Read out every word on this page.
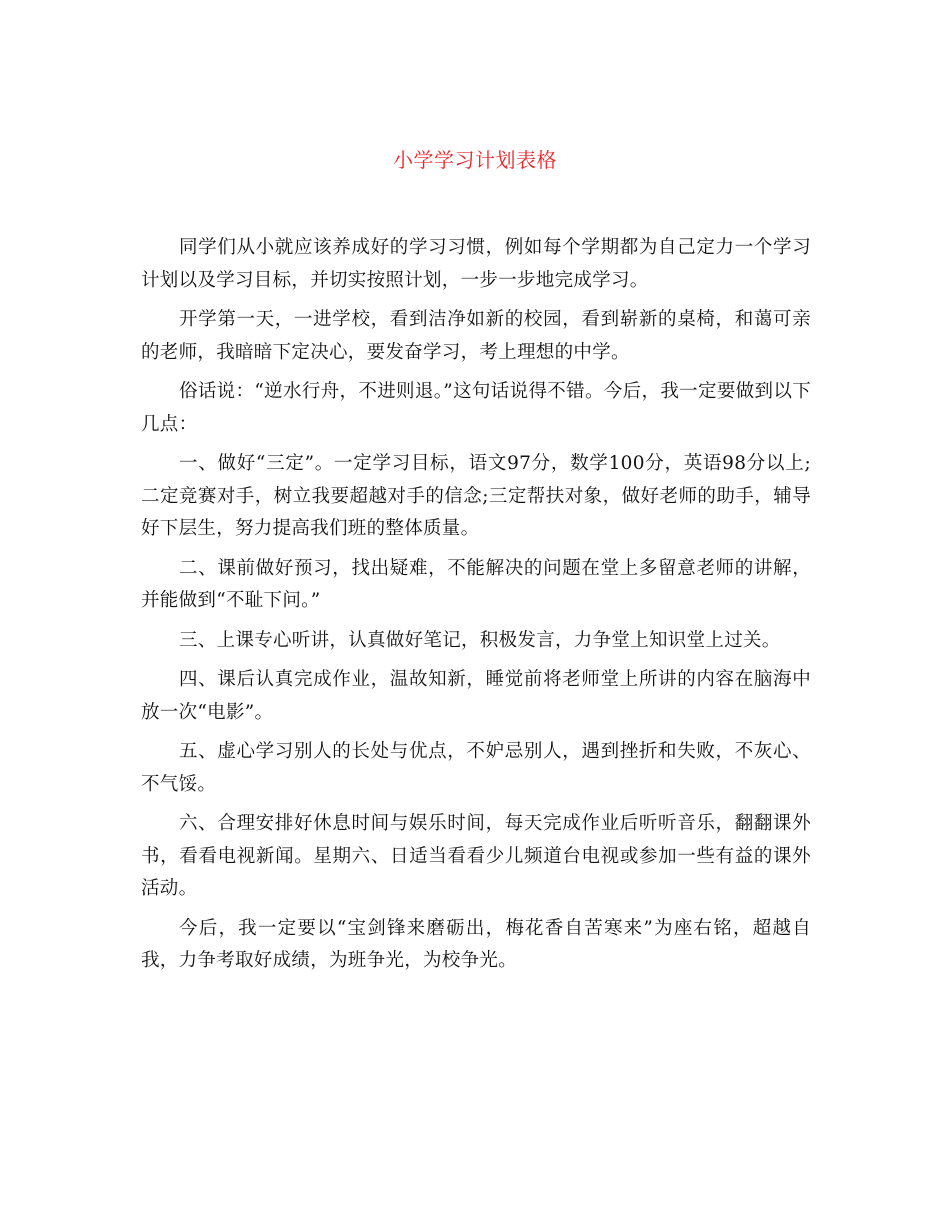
小学学习计划表格

同学们从小就应该养成好的学习习惯，例如每个学期都为自己定力一个学习计划以及学习目标，并切实按照计划，一步一步地完成学习。

开学第一天，一进学校，看到洁净如新的校园，看到崭新的桌椅，和蔼可亲的老师，我暗暗下定决心，要发奋学习，考上理想的中学。

俗话说：“逆水行舟，不进则退。”这句话说得不错。今后，我一定要做到以下几点：

一、做好“三定”。一定学习目标，语文97分，数学100分，英语98分以上;二定竞赛对手，树立我要超越对手的信念;三定帮扶对象，做好老师的助手，辅导好下层生，努力提高我们班的整体质量。

二、课前做好预习，找出疑难，不能解决的问题在堂上多留意老师的讲解，并能做到“不耻下问。”

三、上课专心听讲，认真做好笔记，积极发言，力争堂上知识堂上过关。

四、课后认真完成作业，温故知新，睡觉前将老师堂上所讲的内容在脑海中放一次“电影”。

五、虚心学习别人的长处与优点，不妒忌别人，遇到挫折和失败，不灰心、不气馁。

六、合理安排好休息时间与娱乐时间，每天完成作业后听听音乐，翻翻课外书，看看电视新闻。星期六、日适当看看少儿频道台电视或参加一些有益的课外活动。

今后，我一定要以“宝剑锋来磨砺出，梅花香自苦寒来”为座右铭，超越自我，力争考取好成绩，为班争光，为校争光。
